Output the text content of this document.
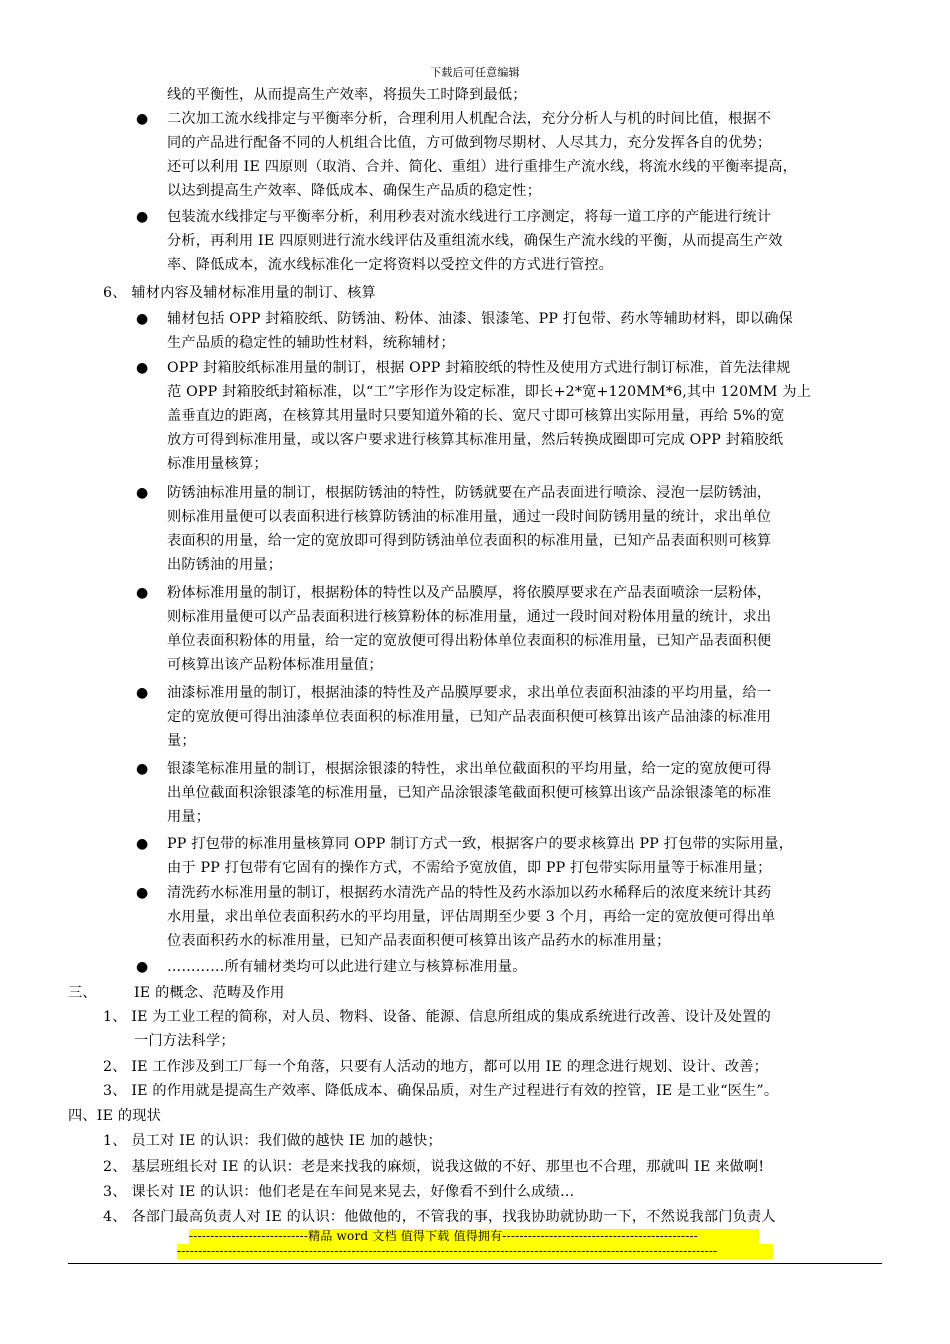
下载后可任意编辑
线的平衡性，从而提高生产效率，将损失工时降到最低；
● 二次加工流水线排定与平衡率分析，合理利用人机配合法，充分分析人与机的时间比值，根据不
同的产品进行配备不同的人机组合比值，方可做到物尽期材、人尽其力，充分发挥各自的优势；
还可以利用 IE 四原则（取消、合并、简化、重组）进行重排生产流水线，将流水线的平衡率提高，
以达到提高生产效率、降低成本、确保生产品质的稳定性；
● 包装流水线排定与平衡率分析，利用秒表对流水线进行工序测定，将每一道工序的产能进行统计
分析，再利用 IE 四原则进行流水线评估及重组流水线，确保生产流水线的平衡，从而提高生产效
率、降低成本，流水线标准化一定将资料以受控文件的方式进行管控。
6、 辅材内容及辅材标准用量的制订、核算
● 辅材包括 OPP 封箱胶纸、防锈油、粉体、油漆、银漆笔、PP 打包带、药水等辅助材料，即以确保
生产品质的稳定性的辅助性材料，统称辅材；
● OPP 封箱胶纸标准用量的制订，根据 OPP 封箱胶纸的特性及使用方式进行制订标准，首先法律规
范 OPP 封箱胶纸封箱标准，以“工”字形作为设定标准，即长+2*宽+120MM*6,其中 120MM 为上
盖垂直边的距离，在核算其用量时只要知道外箱的长、宽尺寸即可核算出实际用量，再给 5%的宽
放方可得到标准用量，或以客户要求进行核算其标准用量，然后转换成圈即可完成 OPP 封箱胶纸
标准用量核算；
● 防锈油标准用量的制订，根据防锈油的特性，防锈就要在产品表面进行喷涂、浸泡一层防锈油，
则标准用量便可以表面积进行核算防锈油的标准用量，通过一段时间防锈用量的统计，求出单位
表面积的用量，给一定的宽放即可得到防锈油单位表面积的标准用量，已知产品表面积则可核算
出防锈油的用量；
● 粉体标准用量的制订，根据粉体的特性以及产品膜厚，将依膜厚要求在产品表面喷涂一层粉体，
则标准用量便可以产品表面积进行核算粉体的标准用量，通过一段时间对粉体用量的统计，求出
单位表面积粉体的用量，给一定的宽放便可得出粉体单位表面积的标准用量，已知产品表面积便
可核算出该产品粉体标准用量值；
● 油漆标准用量的制订，根据油漆的特性及产品膜厚要求，求出单位表面积油漆的平均用量，给一
定的宽放便可得出油漆单位表面积的标准用量，已知产品表面积便可核算出该产品油漆的标准用
量；
● 银漆笔标准用量的制订，根据涂银漆的特性，求出单位截面积的平均用量，给一定的宽放便可得
出单位截面积涂银漆笔的标准用量，已知产品涂银漆笔截面积便可核算出该产品涂银漆笔的标准
用量；
● PP 打包带的标准用量核算同 OPP 制订方式一致，根据客户的要求核算出 PP 打包带的实际用量，
由于 PP 打包带有它固有的操作方式，不需给予宽放值，即 PP 打包带实际用量等于标准用量；
● 清洗药水标准用量的制订，根据药水清洗产品的特性及药水添加以药水稀释后的浓度来统计其药
水用量，求出单位表面积药水的平均用量，评估周期至少要 3 个月，再给一定的宽放便可得出单
位表面积药水的标准用量，已知产品表面积便可核算出该产品药水的标准用量；
● …………所有辅材类均可以此进行建立与核算标准用量。
三、	IE 的概念、范畴及作用
1、 IE 为工业工程的简称，对人员、物料、设备、能源、信息所组成的集成系统进行改善、设计及处置的
一门方法科学；
2、 IE 工作涉及到工厂每一个角落，只要有人活动的地方，都可以用 IE 的理念进行规划、设计、改善；
3、 IE 的作用就是提高生产效率、降低成本、确保品质，对生产过程进行有效的控管，IE 是工业“医生”。
四、IE 的现状
1、 员工对 IE 的认识：我们做的越快 IE 加的越快；
2、 基层班组长对 IE 的认识：老是来找我的麻烦，说我这做的不好、那里也不合理，那就叫 IE 来做啊!
3、 课长对 IE 的认识：他们老是在车间晃来晃去，好像看不到什么成绩…
4、 各部门最高负责人对 IE 的认识：他做他的，不管我的事，找我协助就协助一下，不然说我部门负责人
----------------------------精品 word 文档 值得下载 值得拥有----------------------------------------------
-------------------------------------------------------------------------------------------------------------------------------
